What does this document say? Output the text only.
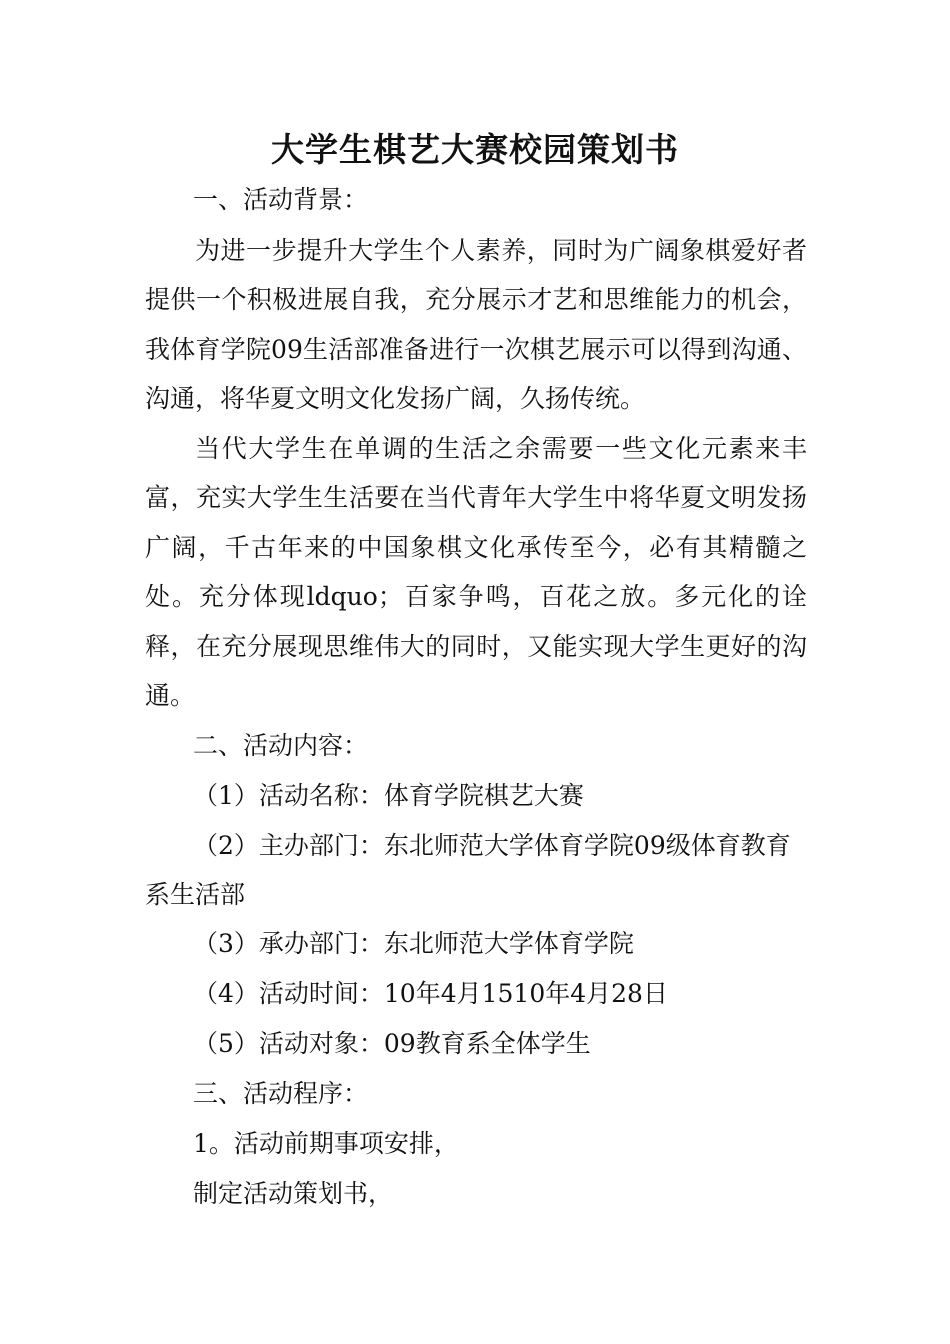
大学生棋艺大赛校园策划书
一、活动背景：
为进一步提升大学生个人素养，同时为广阔象棋爱好者提供一个积极进展自我，充分展示才艺和思维能力的机会，我体育学院09生活部准备进行一次棋艺展示可以得到沟通、沟通，将华夏文明文化发扬广阔，久扬传统。
当代大学生在单调的生活之余需要一些文化元素来丰富，充实大学生生活要在当代青年大学生中将华夏文明发扬广阔，千古年来的中国象棋文化承传至今，必有其精髓之处。充分体现ldquo；百家争鸣，百花之放。多元化的诠释，在充分展现思维伟大的同时，又能实现大学生更好的沟通。
二、活动内容：
（1）活动名称：体育学院棋艺大赛
（2）主办部门：东北师范大学体育学院09级体育教育
系生活部
（3）承办部门：东北师范大学体育学院
（4）活动时间：10年4月1510年4月28日
（5）活动对象：09教育系全体学生
三、活动程序：
1。活动前期事项安排，
制定活动策划书，
